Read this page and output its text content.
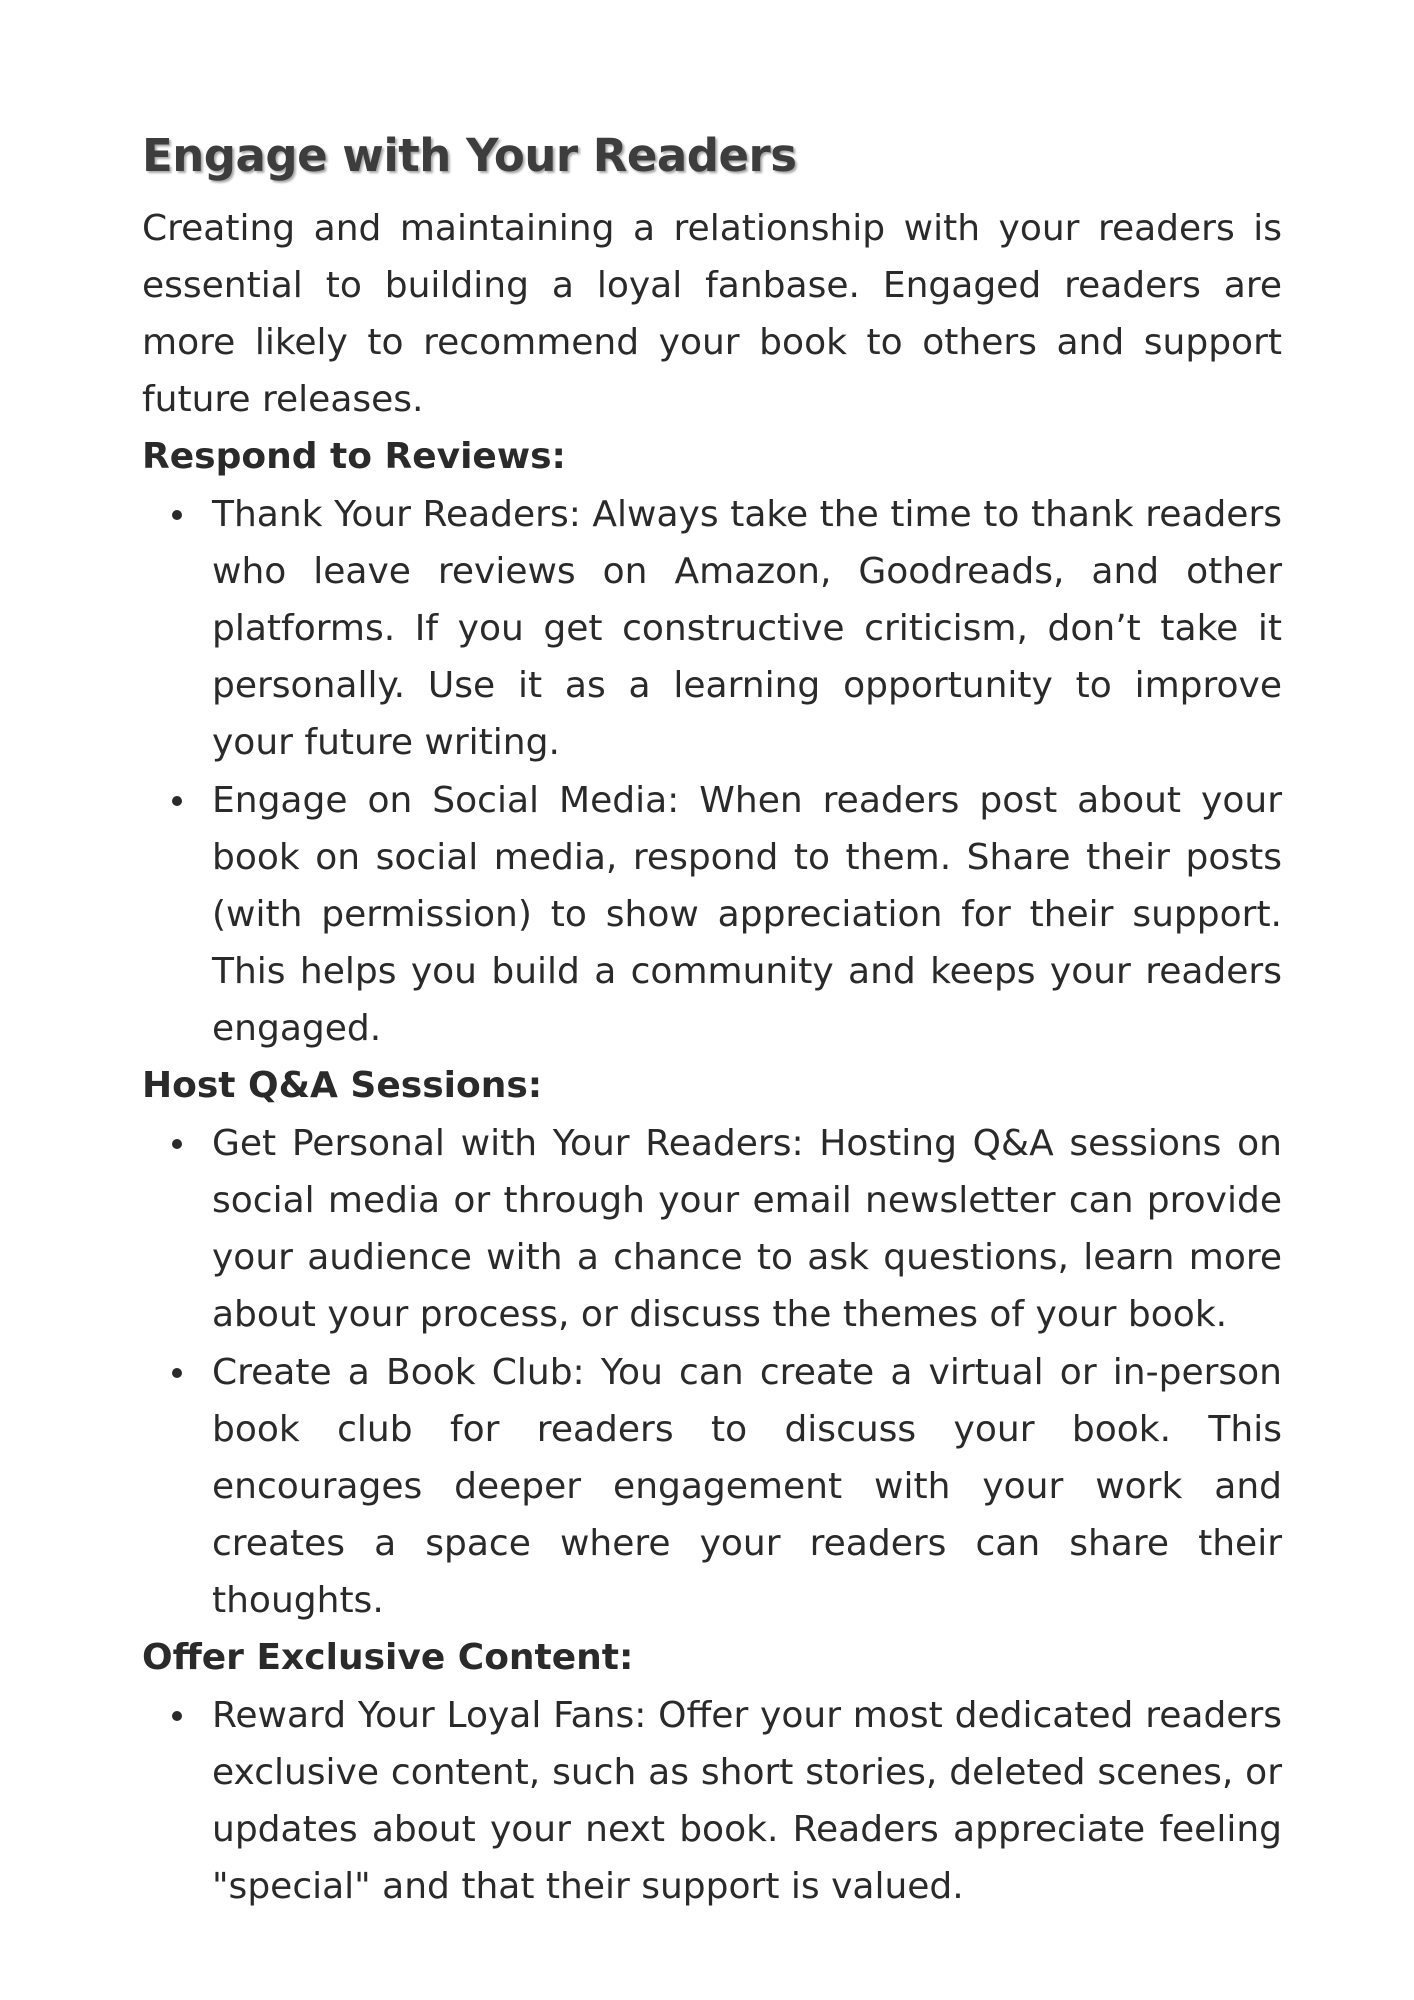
Engage with Your Readers

Creating and maintaining a relationship with your readers is essential to building a loyal fanbase. Engaged readers are more likely to recommend your book to others and support future releases.

Respond to Reviews:

Thank Your Readers: Always take the time to thank readers who leave reviews on Amazon, Goodreads, and other platforms. If you get constructive criticism, don’t take it personally. Use it as a learning opportunity to improve your future writing.
Engage on Social Media: When readers post about your book on social media, respond to them. Share their posts (with permission) to show appreciation for their support. This helps you build a community and keeps your readers engaged.

Host Q&A Sessions:

Get Personal with Your Readers: Hosting Q&A sessions on social media or through your email newsletter can provide your audience with a chance to ask questions, learn more about your process, or discuss the themes of your book.
Create a Book Club: You can create a virtual or in-person book club for readers to discuss your book. This encourages deeper engagement with your work and creates a space where your readers can share their thoughts.

Offer Exclusive Content:

Reward Your Loyal Fans: Offer your most dedicated readers exclusive content, such as short stories, deleted scenes, or updates about your next book. Readers appreciate feeling "special" and that their support is valued.
